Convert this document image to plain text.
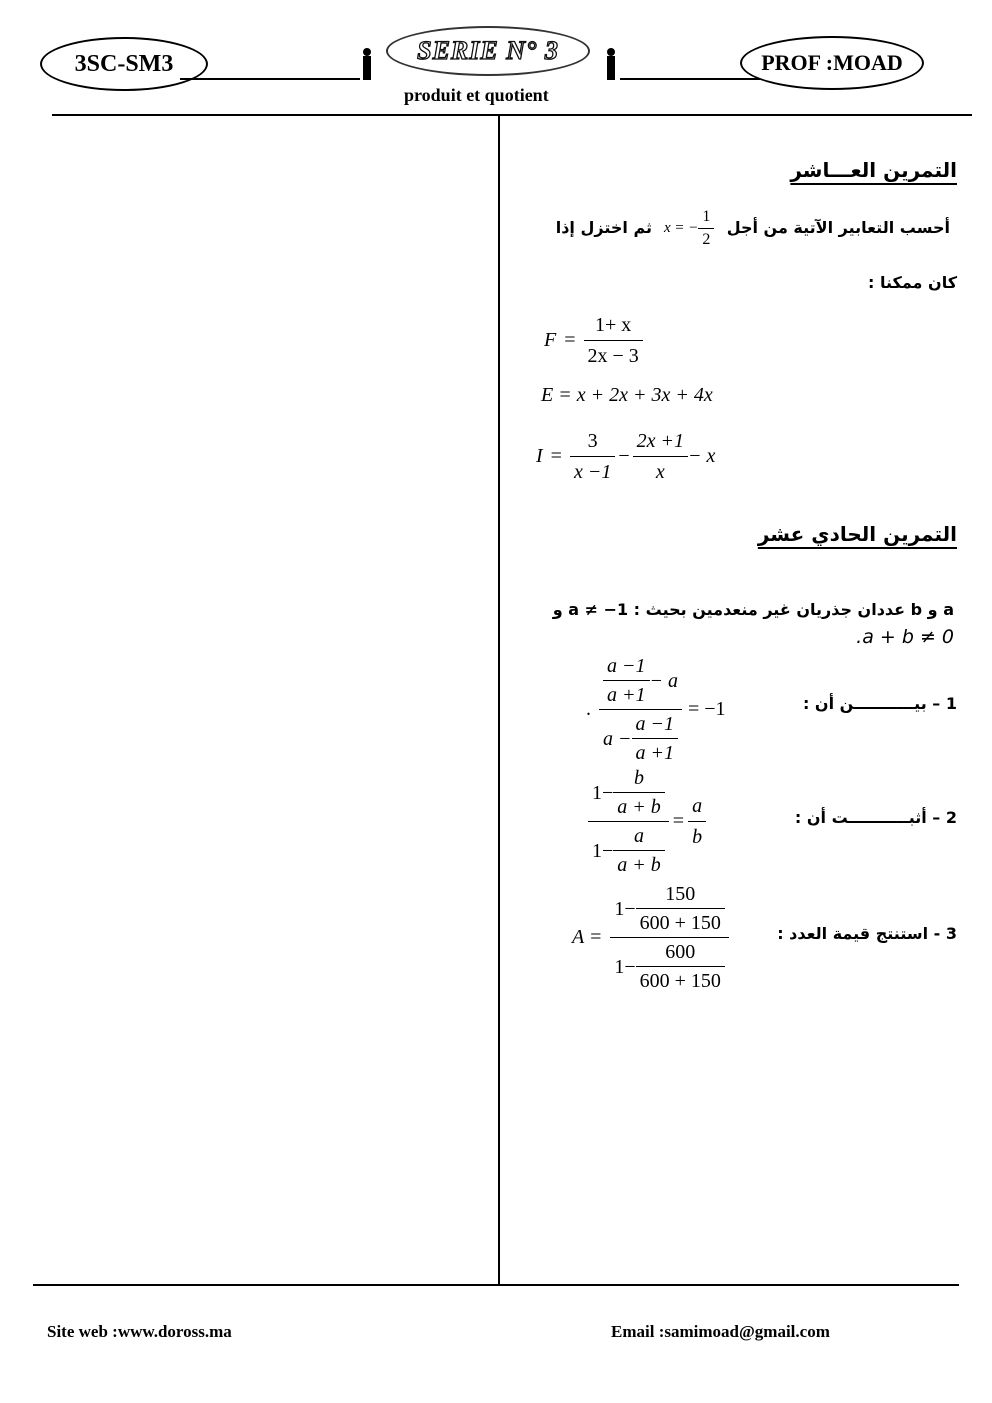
3SC-SM3	SERIE N° 3	PROF :MOAD
produit et quotient
التمرين العـــاشر
أحسب التعابير الآتية من أجل
x = − $\frac{1}{2}$
ثم اختزل إذا
كان ممكنا :
$F = \frac{1+ x}{2x - 3}$
E = x + 2x + 3x + 4x
$I = \frac{3}{x -1} - \frac{2x +1}{x} - x$
التمرين الحادي عشر
a و b عددان جذريان غير منعدمين بحيث : a ≠ −1 و
.a + b ≠ 0
1 – بيـــــــــــن أن :
. $\frac{\frac{a -1}{a +1} - a}{a - \frac{a -1}{a +1}} = -1$
2 – أثبـــــــــــت أن :
$\frac{1- \frac{b}{a + b}}{1- \frac{a}{a + b}} = \frac{a}{b}$
3 - استنتج قيمة العدد :
$A = \frac{1- \frac{150}{600 + 150}}{1- \frac{600}{600 + 150}}$
Site web :www.doross.ma	Email :samimoad@gmail.com
